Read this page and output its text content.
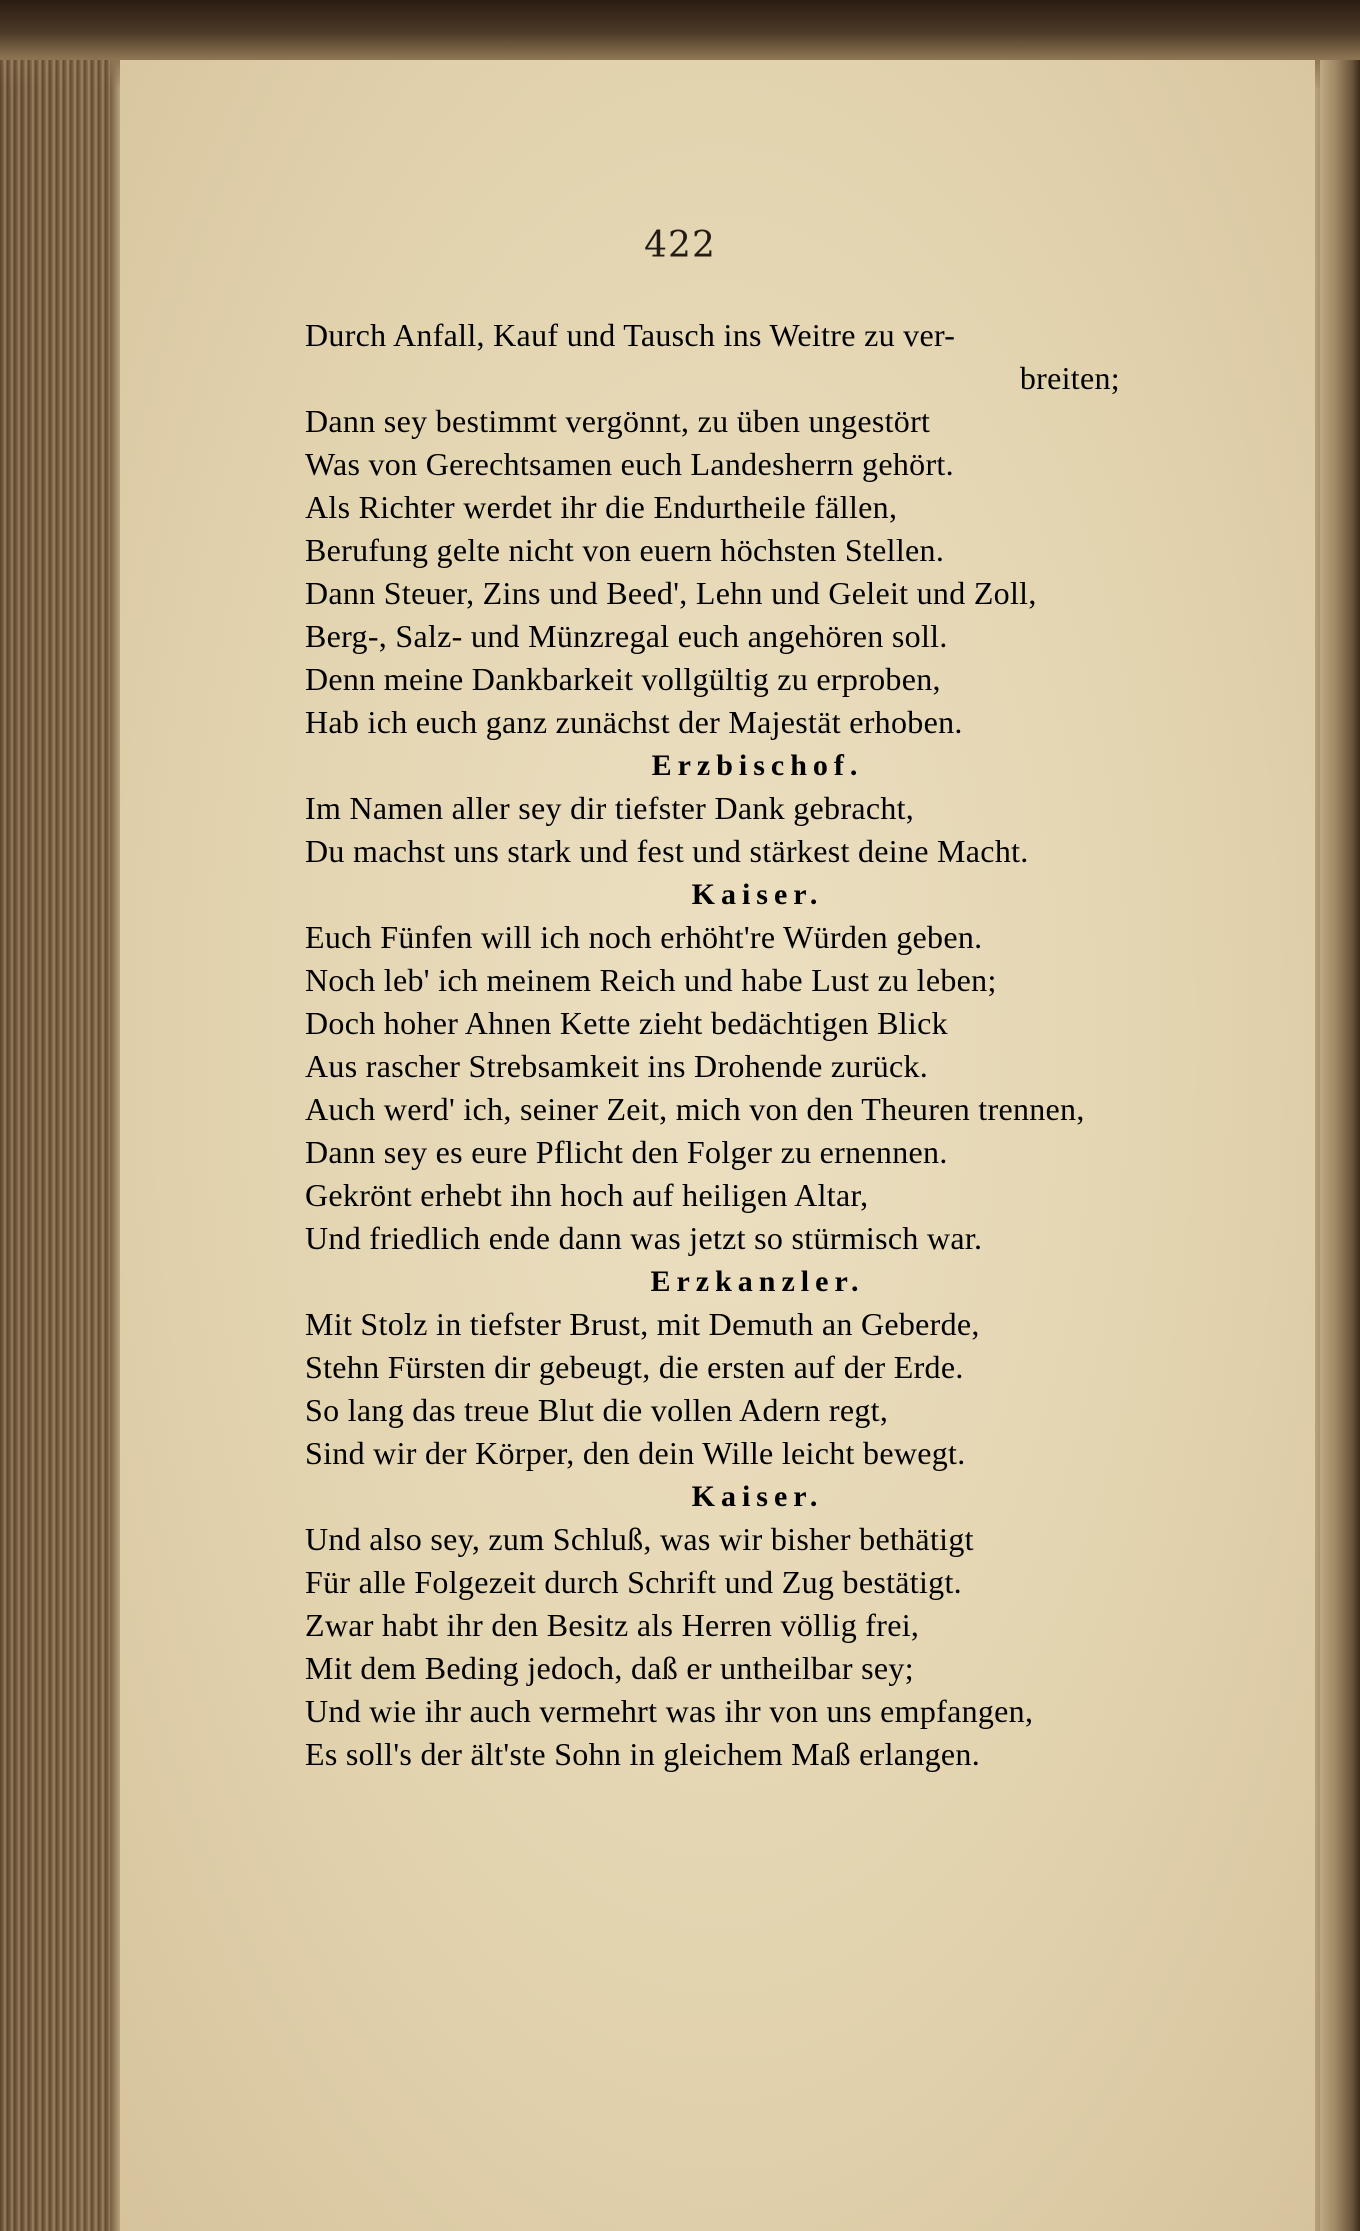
422
Durch Anfall, Kauf und Tausch ins Weitre zu ver-
breiten;
Dann sey bestimmt vergönnt, zu üben ungestört
Was von Gerechtsamen euch Landesherrn gehört.
Als Richter werdet ihr die Endurtheile fällen,
Berufung gelte nicht von euern höchsten Stellen.
Dann Steuer, Zins und Beed', Lehn und Geleit und Zoll,
Berg-, Salz- und Münzregal euch angehören soll.
Denn meine Dankbarkeit vollgültig zu erproben,
Hab ich euch ganz zunächst der Majestät erhoben.
Erzbischof.
Im Namen aller sey dir tiefster Dank gebracht,
Du machst uns stark und fest und stärkest deine Macht.
Kaiser.
Euch Fünfen will ich noch erhöht're Würden geben.
Noch leb' ich meinem Reich und habe Lust zu leben;
Doch hoher Ahnen Kette zieht bedächtigen Blick
Aus rascher Strebsamkeit ins Drohende zurück.
Auch werd' ich, seiner Zeit, mich von den Theuren trennen,
Dann sey es eure Pflicht den Folger zu ernennen.
Gekrönt erhebt ihn hoch auf heiligen Altar,
Und friedlich ende dann was jetzt so stürmisch war.
Erzkanzler.
Mit Stolz in tiefster Brust, mit Demuth an Geberde,
Stehn Fürsten dir gebeugt, die ersten auf der Erde.
So lang das treue Blut die vollen Adern regt,
Sind wir der Körper, den dein Wille leicht bewegt.
Kaiser.
Und also sey, zum Schluß, was wir bisher bethätigt
Für alle Folgezeit durch Schrift und Zug bestätigt.
Zwar habt ihr den Besitz als Herren völlig frei,
Mit dem Beding jedoch, daß er untheilbar sey;
Und wie ihr auch vermehrt was ihr von uns empfangen,
Es soll's der ält'ste Sohn in gleichem Maß erlangen.
